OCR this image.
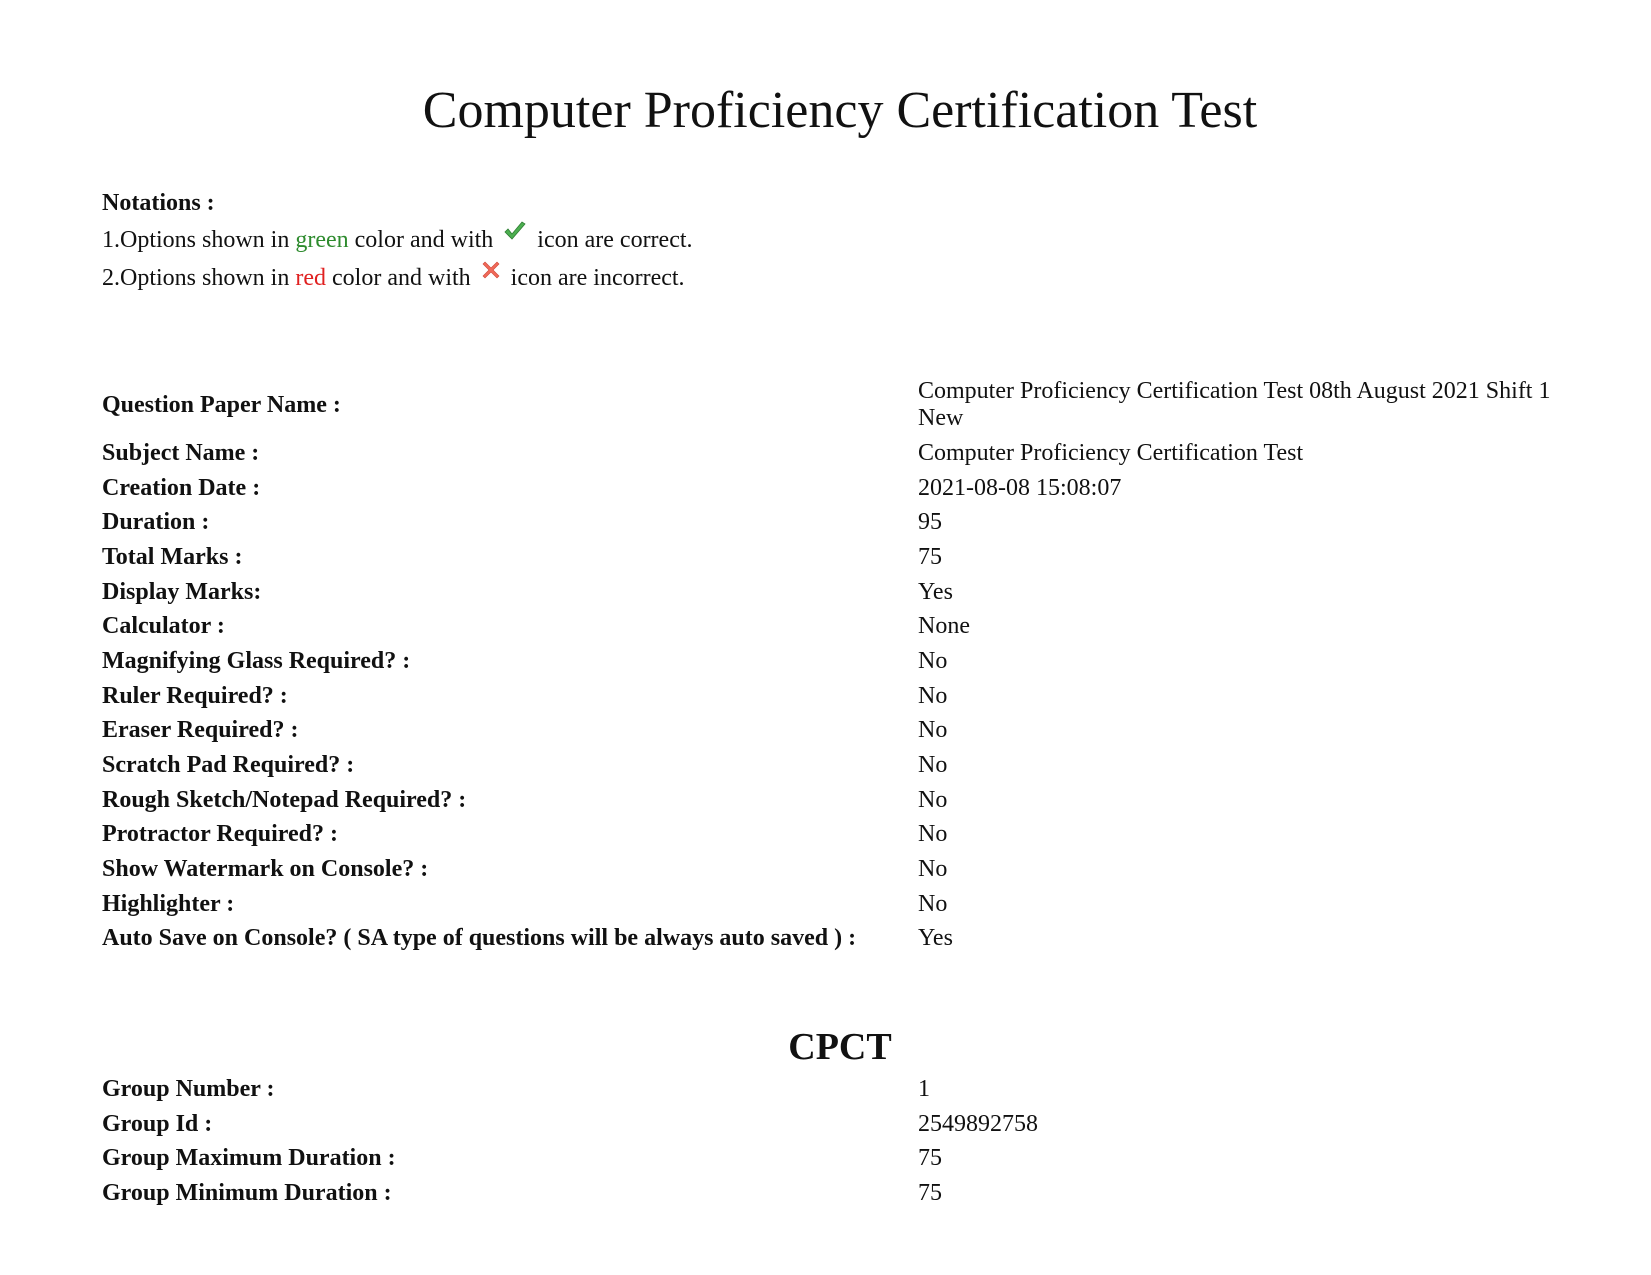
Computer Proficiency Certification Test
Notations :
1.Options shown in green color and with  icon are correct.
2.Options shown in red color and with  icon are incorrect.
Question Paper Name :
Computer Proficiency Certification Test 08th August 2021 Shift 1 New
Subject Name :	Computer Proficiency Certification Test
Creation Date :	2021-08-08 15:08:07
Duration :	95
Total Marks :	75
Display Marks:	Yes
Calculator :	None
Magnifying Glass Required? :	No
Ruler Required? :	No
Eraser Required? :	No
Scratch Pad Required? :	No
Rough Sketch/Notepad Required? :	No
Protractor Required? :	No
Show Watermark on Console? :	No
Highlighter :	No
Auto Save on Console? ( SA type of questions will be always auto saved ) :	Yes
CPCT
Group Number :	1
Group Id :	2549892758
Group Maximum Duration :	75
Group Minimum Duration :	75
